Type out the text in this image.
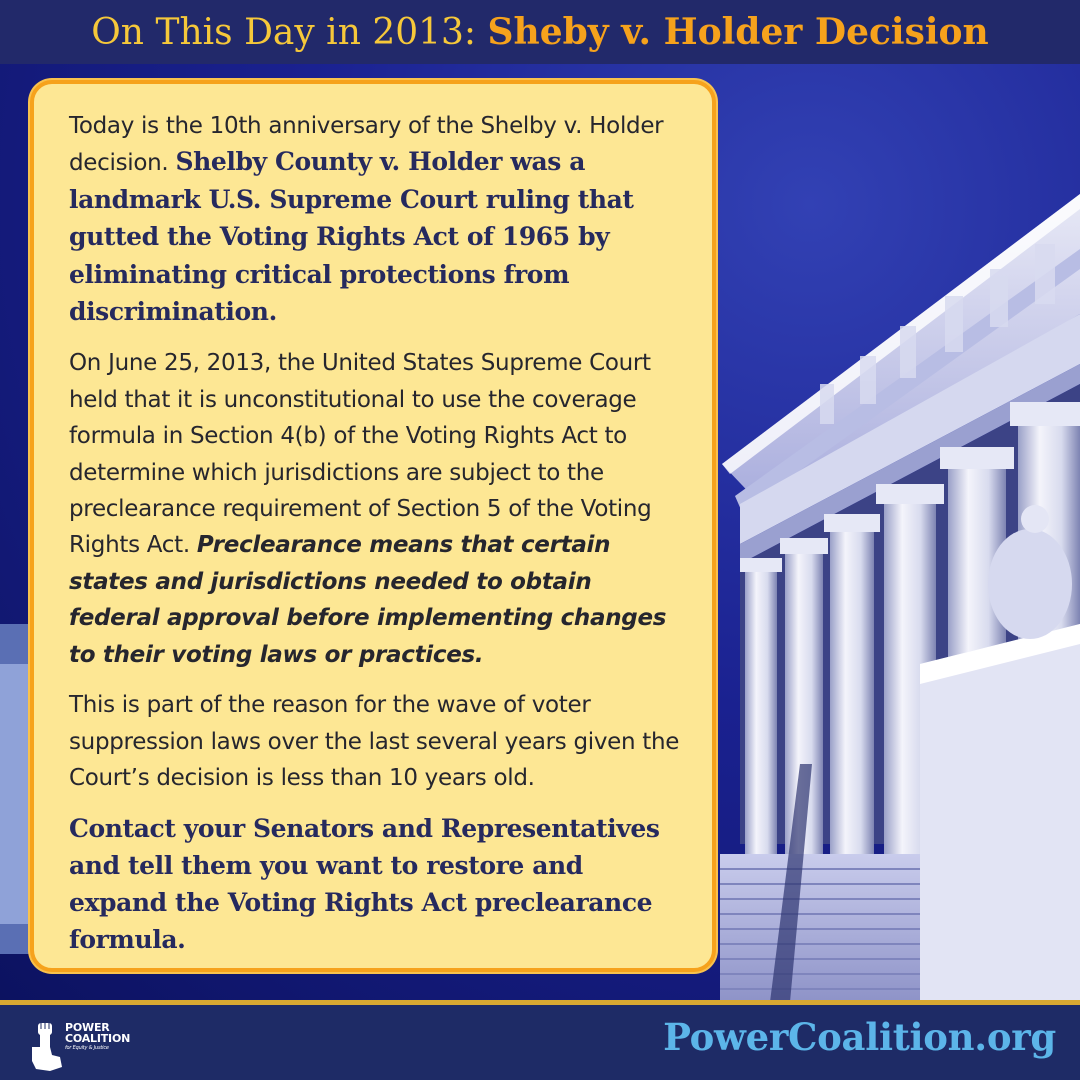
On This Day in 2013: Sheby v. Holder Decision

Today is the 10th anniversary of the Shelby v. Holder decision. Shelby County v. Holder was a landmark U.S. Supreme Court ruling that gutted the Voting Rights Act of 1965 by eliminating critical protections from discrimination.

On June 25, 2013, the United States Supreme Court held that it is unconstitutional to use the coverage formula in Section 4(b) of the Voting Rights Act to determine which jurisdictions are subject to the preclearance requirement of Section 5 of the Voting Rights Act. Preclearance means that certain states and jurisdictions needed to obtain federal approval before implementing changes to their voting laws or practices.

This is part of the reason for the wave of voter suppression laws over the last several years given the Court’s decision is less than 10 years old.

Contact your Senators and Representatives and tell them you want to restore and expand the Voting Rights Act preclearance formula.

POWER
COALITION
for Equity & Justice	PowerCoalition.org
